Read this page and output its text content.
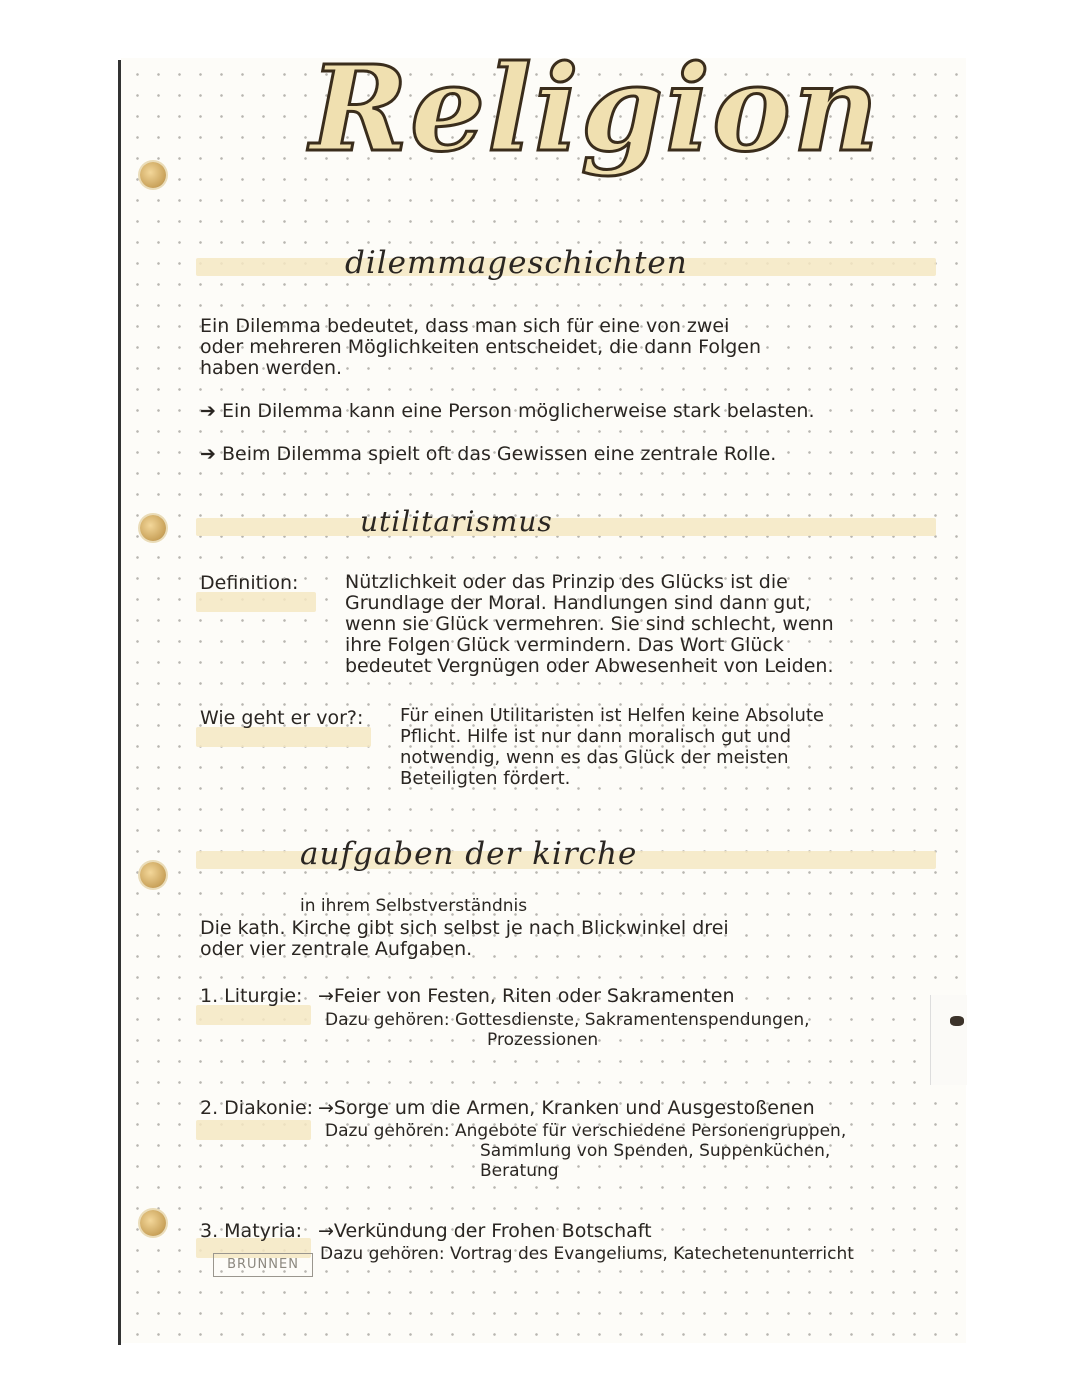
Religion
dilemmageschichten
Ein Dilemma bedeutet, dass man sich für eine von zwei
oder mehreren Möglichkeiten entscheidet, die dann Folgen
haben werden.
➔ Ein Dilemma kann eine Person möglicherweise stark belasten.
➔ Beim Dilemma spielt oft das Gewissen eine zentrale Rolle.
utilitarismus
Definition: Nützlichkeit oder das Prinzip des Glücks ist die
Grundlage der Moral. Handlungen sind dann gut,
wenn sie Glück vermehren. Sie sind schlecht, wenn
ihre Folgen Glück vermindern. Das Wort Glück
bedeutet Vergnügen oder Abwesenheit von Leiden.
Wie geht er vor?: Für einen Utilitaristen ist Helfen keine Absolute
Pflicht. Hilfe ist nur dann moralisch gut und
notwendig, wenn es das Glück der meisten
Beteiligten fördert.
aufgaben der kirche
in ihrem Selbstverständnis
Die kath. Kirche gibt sich selbst je nach Blickwinkel drei
oder vier zentrale Aufgaben.
1. Liturgie: →Feier von Festen, Riten oder Sakramenten
Dazu gehören: Gottesdienste, Sakramentenspendungen,
Prozessionen
2. Diakonie: →Sorge um die Armen, Kranken und Ausgestoßenen
Dazu gehören: Angebote für verschiedene Personengruppen,
Sammlung von Spenden, Suppenküchen,
Beratung
3. Matyria: →Verkündung der Frohen Botschaft
Dazu gehören: Vortrag des Evangeliums, Katechetenunterricht
BRUNNEN
